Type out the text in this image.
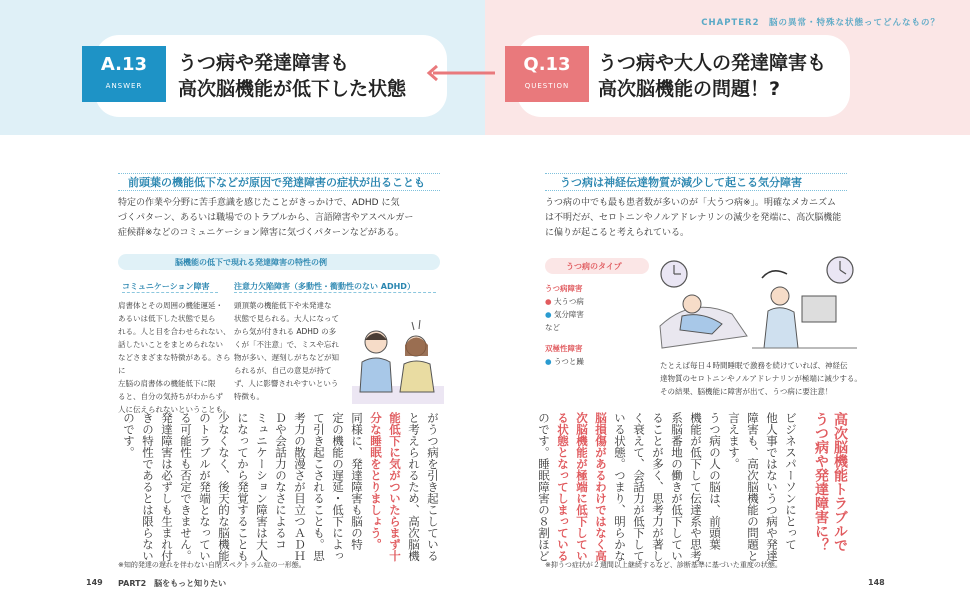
CHAPTER2　脳の異常・特殊な状態ってどんなもの？
A.13
ANSWER
うつ病や発達障害も
高次脳機能が低下した状態
Q.13
QUESTION
うつ病や大人の発達障害も
高次脳機能の問題！?
前頭葉の機能低下などが原因で発達障害の症状が出ることも
特定の作業や分野に苦手意識を感じたことがきっかけで、ADHD に気
づくパターン、あるいは職場でのトラブルから、言語障害やアスペルガー
症候群※などのコミュニケーション障害に気づくパターンなどがある。
脳機能の低下で現れる発達障害の特性の例
コミュニケーション障害	注意力欠陥障害（多動性・衝動性のない ADHD）
肩書体とその周囲の機能運延・
あるいは低下した状態で見ら
れる。人と目を合わせられない、
話したいことをまとめられない
などさまざまな特徴がある。さらに
左脳の肩書体の機能低下に限
ると、自分の気持ちがわからず
人に伝えられないということも。
頭頂葉の機能低下や未発達な
状態で見られる。大人になって
から気が付きれる ADHD の多
くが「不注意」で、ミスや忘れ
物が多い、遅刻しがちなどが知
られるが、自己の意見が持て
ず、人に影響されやすいという
特徴も。
がうつ病を引き起こしている
と考えられるため、高次脳機
能低下に気がついたらまず十
分な睡眠をとりましょう。
同様に、発達障害も脳の特
定の機能の遅延・低下によっ
て引き起こされることも。思
考力の散漫さが目立つＡＤＨ
Ｄや会話力のなさによるコ
ミュニケーション障害は大人
になってから発覚することも
少なくなく、後天的な脳機能
のトラブルが発端となってい
る可能性も否定できません。
発達障害は必ずしも生まれ付
きの特性であるとは限らない
のです。
※知的発達の遅れを伴わない自閉スペクトラム症の一形態。
149 PART2　脳をもっと知りたい
うつ病は神経伝達物質が減少して起こる気分障害
うつ病の中でも最も患者数が多いのが「大うつ病※」。明確なメカニズム
は不明だが、セロトニンやノルアドレナリンの減少を発端に、高次脳機能
に偏りが起こると考えられている。
うつ病のタイプ
うつ病障害
● 大うつ病
● 気分障害
など
双極性障害
● うつと躁	たとえば毎日４時間睡眠で激務を続けていれば、神経伝
達物質のセロトニンやノルアドレナリンが極端に減少する。
その結果、脳機能に障害が出て、うつ病に要注意！
高次脳機能トラブルで
うつ病や発達障害に？
ビジネスパーソンにとって
他人事ではないうつ病や発達
障害も、高次脳機能の問題と
言えます。
うつ病の人の脳は、前頭葉
機能が低下して伝達系や思考
系脳番地の働きが低下してい
ることが多く、思考力が著し
く衰えて、会話力が低下して
いる状態。つまり、明らかな
脳損傷があるわけではなく高
次脳機能が極端に低下してい
る状態となってしまっている
のです。睡眠障害の８割ほど
※抑うつ症状が２週間以上継続するなど、診断基準に基づいた重度の状態。
148
